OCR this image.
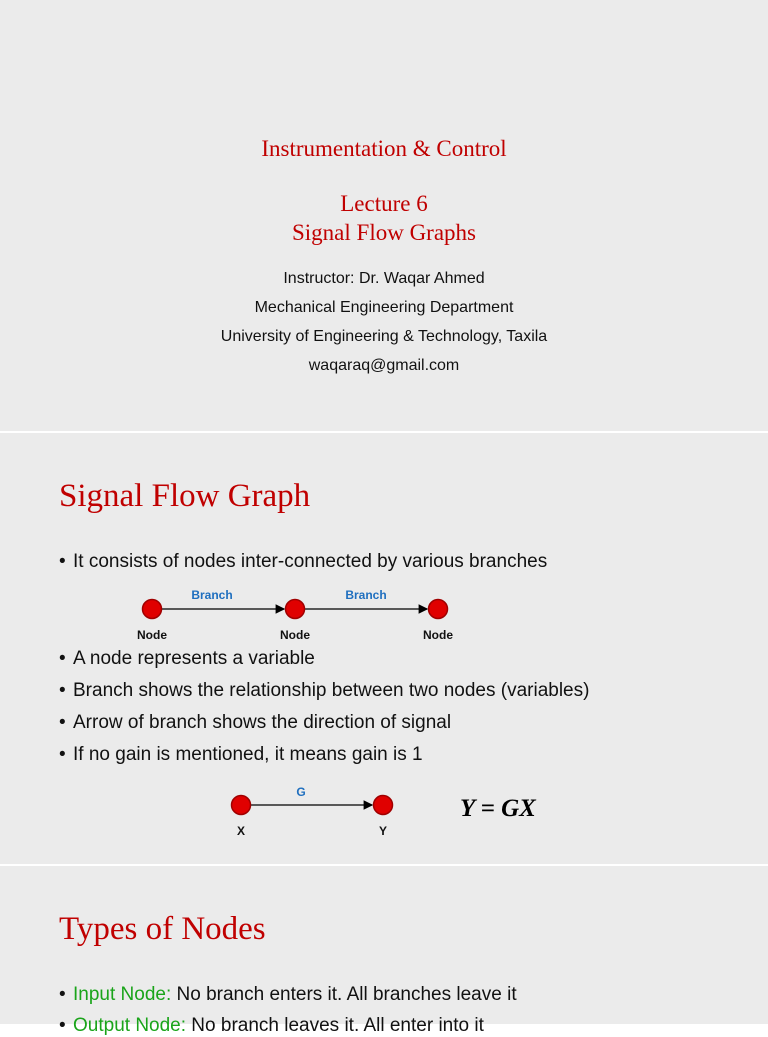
Instrumentation & Control
Lecture 6
Signal Flow Graphs
Instructor: Dr. Waqar Ahmed
Mechanical Engineering Department
University of Engineering & Technology, Taxila
waqaraq@gmail.com
Signal Flow Graph
• It consists of nodes inter-connected by various branches
Branch	Branch
Node	Node	Node
• A node represents a variable
• Branch shows the relationship between two nodes (variables)
• Arrow of branch shows the direction of signal
• If no gain is mentioned, it means gain is 1
G
X	Y
Y = GX
Types of Nodes
• Input Node: No branch enters it. All branches leave it
• Output Node: No branch leaves it. All enter into it
